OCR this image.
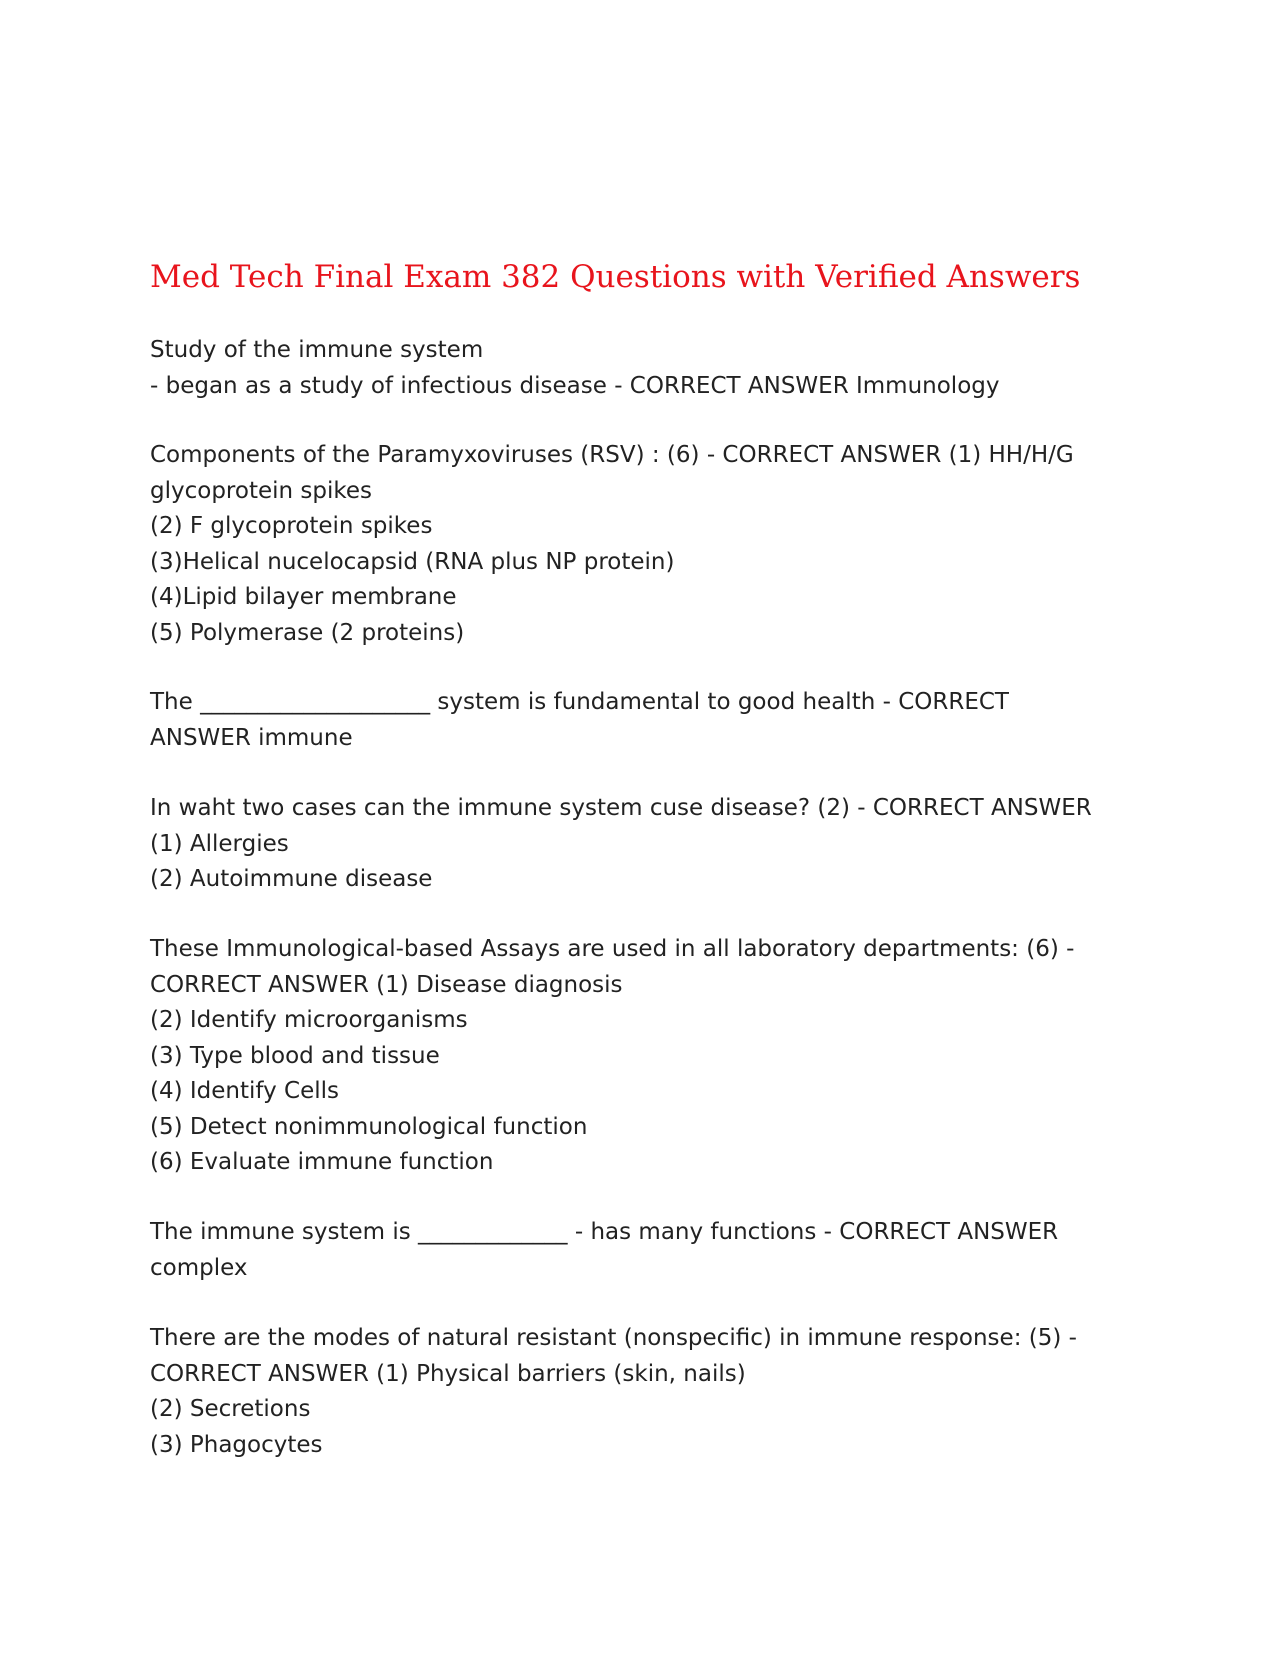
Med Tech Final Exam 382 Questions with Verified Answers
Study of the immune system
- began as a study of infectious disease - CORRECT ANSWER Immunology
Components of the Paramyxoviruses (RSV) : (6) - CORRECT ANSWER (1) HH/H/G
glycoprotein spikes
(2) F glycoprotein spikes
(3)Helical nucelocapsid (RNA plus NP protein)
(4)Lipid bilayer membrane
(5) Polymerase (2 proteins)
The ____________________ system is fundamental to good health - CORRECT
ANSWER immune
In waht two cases can the immune system cuse disease? (2) - CORRECT ANSWER
(1) Allergies
(2) Autoimmune disease
These Immunological-based Assays are used in all laboratory departments: (6) -
CORRECT ANSWER (1) Disease diagnosis
(2) Identify microorganisms
(3) Type blood and tissue
(4) Identify Cells
(5) Detect nonimmunological function
(6) Evaluate immune function
The immune system is _____________ - has many functions - CORRECT ANSWER
complex
There are the modes of natural resistant (nonspecific) in immune response: (5) -
CORRECT ANSWER (1) Physical barriers (skin, nails)
(2) Secretions
(3) Phagocytes
